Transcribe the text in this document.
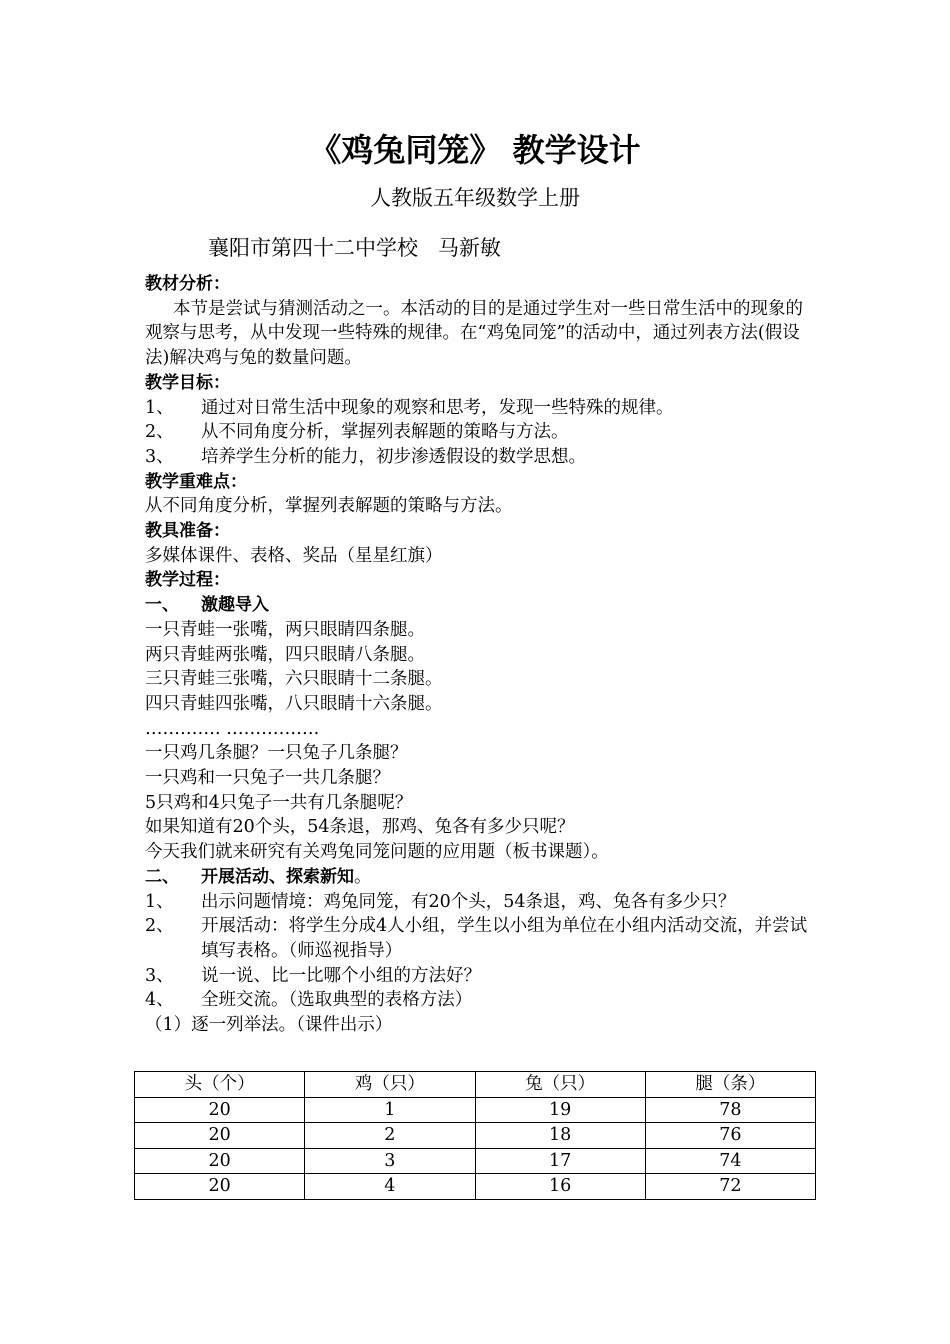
《鸡兔同笼》 教学设计
人教版五年级数学上册
襄阳市第四十二中学校   马新敏

教材分析：

本节是尝试与猜测活动之一。本活动的目的是通过学生对一些日常生活中的现象的观察与思考，从中发现一些特殊的规律。在“鸡兔同笼”的活动中，通过列表方法(假设法)解决鸡与兔的数量问题。

教学目标：

1、	通过对日常生活中现象的观察和思考，发现一些特殊的规律。
2、	从不同角度分析，掌握列表解题的策略与方法。
3、	培养学生分析的能力，初步渗透假设的数学思想。

教学重难点：

从不同角度分析，掌握列表解题的策略与方法。

教具准备：

多媒体课件、表格、奖品（星星红旗）

教学过程：

一、	激趣导入

一只青蛙一张嘴，两只眼睛四条腿。

两只青蛙两张嘴，四只眼睛八条腿。

三只青蛙三张嘴，六只眼睛十二条腿。

四只青蛙四张嘴，八只眼睛十六条腿。

…………. …………….

一只鸡几条腿？一只兔子几条腿？

一只鸡和一只兔子一共几条腿？

5只鸡和4只兔子一共有几条腿呢？

如果知道有20个头，54条退，那鸡、兔各有多少只呢？

今天我们就来研究有关鸡兔同笼问题的应用题（板书课题）。

二、	开展活动、探索新知。
1、	出示问题情境：鸡兔同笼，有20个头，54条退，鸡、兔各有多少只？
2、	开展活动：将学生分成4人小组，学生以小组为单位在小组内活动交流，并尝试填写表格。（师巡视指导）
3、	说一说、比一比哪个小组的方法好？
4、	全班交流。（选取典型的表格方法）

（1）逐一列举法。（课件出示）

头（个）	鸡（只）	兔（只）	腿（条）
20	1	19	78
20	2	18	76
20	3	17	74
20	4	16	72
